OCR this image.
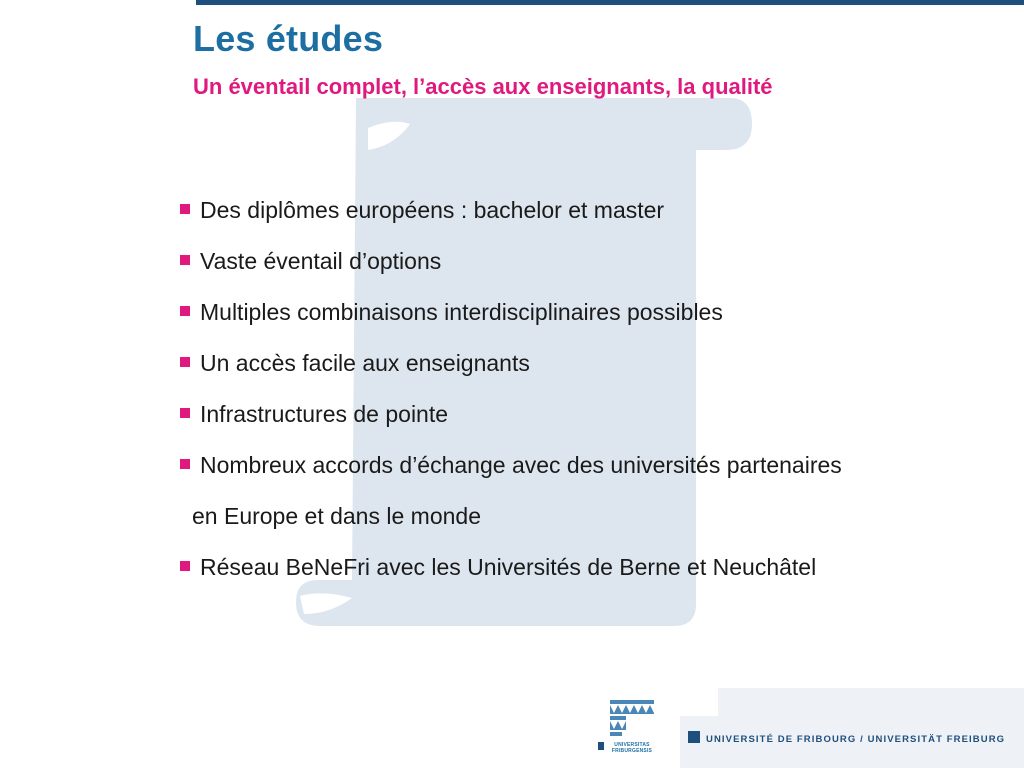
Les études
Un éventail complet, l’accès aux enseignants, la qualité
Des diplômes européens : bachelor et master
Vaste éventail d’options
Multiples combinaisons interdisciplinaires possibles
Un accès facile aux enseignants
Infrastructures de pointe
Nombreux accords d’échange avec des universités partenaires
en Europe et dans le monde
Réseau BeNeFri avec les Universités de Berne et Neuchâtel
UNIVERSITAS
FRIBURGENSIS

UNIVERSITÉ DE FRIBOURG / UNIVERSITÄT FREIBURG
